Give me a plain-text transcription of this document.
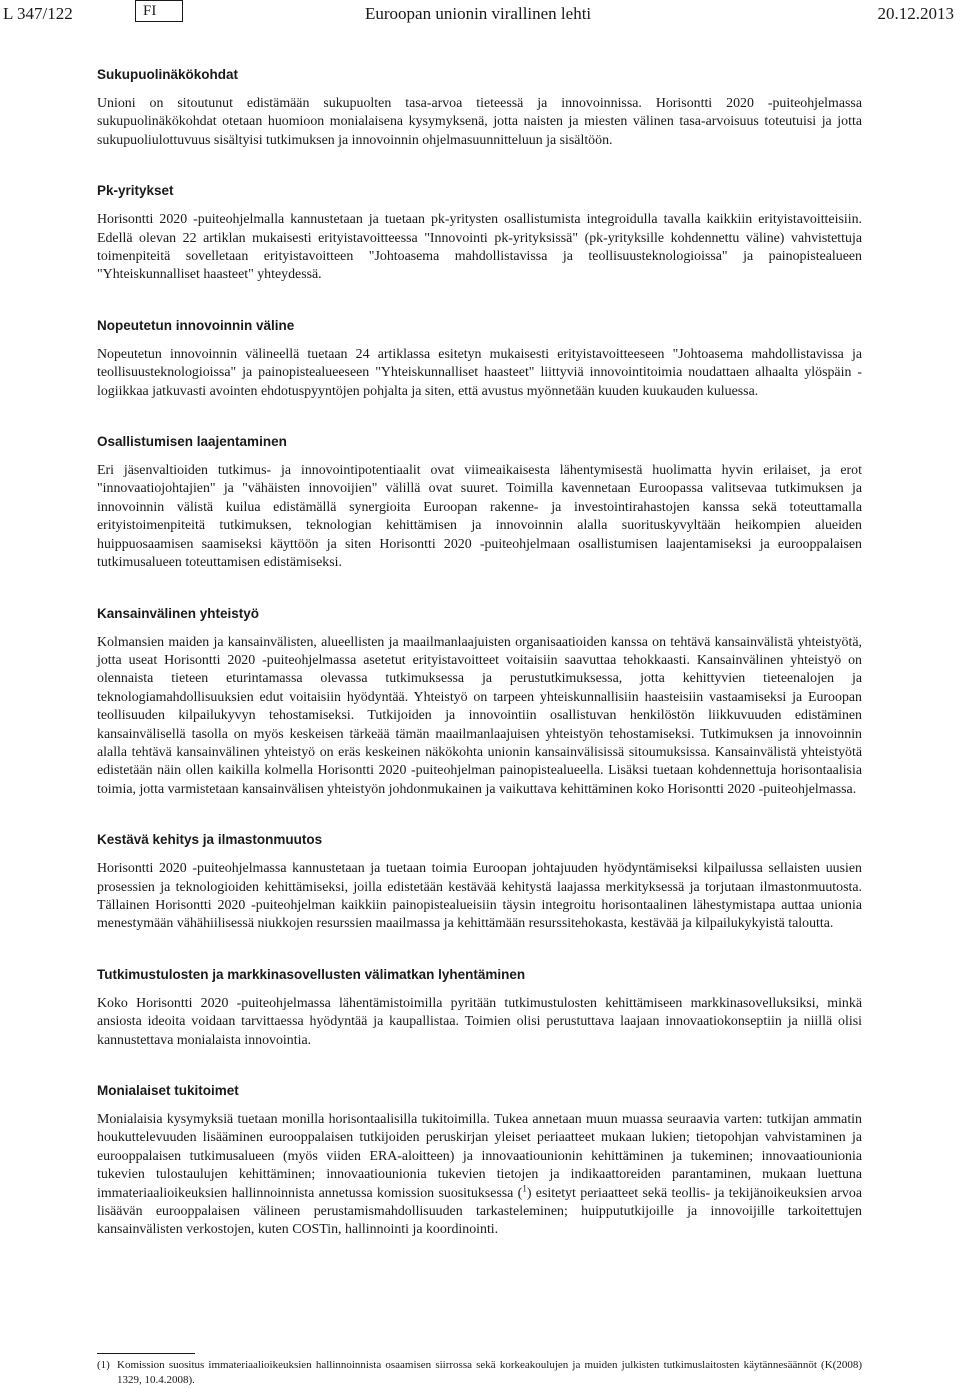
L 347/122	FI	Euroopan unionin virallinen lehti	20.12.2013
Sukupuolinäkökohdat

Unioni on sitoutunut edistämään sukupuolten tasa-arvoa tieteessä ja innovoinnissa. Horisontti 2020 -puiteohjelmassa sukupuolinäkökohdat otetaan huomioon monialaisena kysymyksenä, jotta naisten ja miesten välinen tasa-arvoisuus toteutuisi ja jotta sukupuoliulottuvuus sisältyisi tutkimuksen ja innovoinnin ohjelmasuunnitteluun ja sisältöön.

Pk-yritykset

Horisontti 2020 -puiteohjelmalla kannustetaan ja tuetaan pk-yritysten osallistumista integroidulla tavalla kaikkiin erityistavoitteisiin. Edellä olevan 22 artiklan mukaisesti erityistavoitteessa "Innovointi pk-yrityksissä" (pk-yrityksille kohdennettu väline) vahvistettuja toimenpiteitä sovelletaan erityistavoitteen "Johtoasema mahdollistavissa ja teollisuusteknologioissa" ja painopistealueen "Yhteiskunnalliset haasteet" yhteydessä.

Nopeutetun innovoinnin väline

Nopeutetun innovoinnin välineellä tuetaan 24 artiklassa esitetyn mukaisesti erityistavoitteeseen "Johtoasema mahdollistavissa ja teollisuusteknologioissa" ja painopistealueeseen "Yhteiskunnalliset haasteet" liittyviä innovointitoimia noudattaen alhaalta ylöspäin -logiikkaa jatkuvasti avointen ehdotuspyyntöjen pohjalta ja siten, että avustus myönnetään kuuden kuukauden kuluessa.

Osallistumisen laajentaminen

Eri jäsenvaltioiden tutkimus- ja innovointipotentiaalit ovat viimeaikaisesta lähentymisestä huolimatta hyvin erilaiset, ja erot "innovaatiojohtajien" ja "vähäisten innovoijien" välillä ovat suuret. Toimilla kavennetaan Euroopassa valitsevaa tutkimuksen ja innovoinnin välistä kuilua edistämällä synergioita Euroopan rakenne- ja investointirahastojen kanssa sekä toteuttamalla erityistoimenpiteitä tutkimuksen, teknologian kehittämisen ja innovoinnin alalla suorituskyvyltään heikompien alueiden huippuosaamisen saamiseksi käyttöön ja siten Horisontti 2020 -puiteohjelmaan osallistumisen laajentamiseksi ja eurooppalaisen tutkimusalueen toteuttamisen edistämiseksi.

Kansainvälinen yhteistyö

Kolmansien maiden ja kansainvälisten, alueellisten ja maailmanlaajuisten organisaatioiden kanssa on tehtävä kansainvälistä yhteistyötä, jotta useat Horisontti 2020 -puiteohjelmassa asetetut erityistavoitteet voitaisiin saavuttaa tehokkaasti. Kansainvälinen yhteistyö on olennaista tieteen eturintamassa olevassa tutkimuksessa ja perustutkimuksessa, jotta kehittyvien tieteenalojen ja teknologiamahdollisuuksien edut voitaisiin hyödyntää. Yhteistyö on tarpeen yhteiskunnallisiin haasteisiin vastaamiseksi ja Euroopan teollisuuden kilpailukyvyn tehostamiseksi. Tutkijoiden ja innovointiin osallistuvan henkilöstön liikkuvuuden edistäminen kansainvälisellä tasolla on myös keskeisen tärkeää tämän maailmanlaajuisen yhteistyön tehostamiseksi. Tutkimuksen ja innovoinnin alalla tehtävä kansainvälinen yhteistyö on eräs keskeinen näkökohta unionin kansainvälisissä sitoumuksissa. Kansainvälistä yhteistyötä edistetään näin ollen kaikilla kolmella Horisontti 2020 -puiteohjelman painopistealueella. Lisäksi tuetaan kohdennettuja horisontaalisia toimia, jotta varmistetaan kansainvälisen yhteistyön johdonmukainen ja vaikuttava kehittäminen koko Horisontti 2020 -puiteohjelmassa.

Kestävä kehitys ja ilmastonmuutos

Horisontti 2020 -puiteohjelmassa kannustetaan ja tuetaan toimia Euroopan johtajuuden hyödyntämiseksi kilpailussa sellaisten uusien prosessien ja teknologioiden kehittämiseksi, joilla edistetään kestävää kehitystä laajassa merkityksessä ja torjutaan ilmastonmuutosta. Tällainen Horisontti 2020 -puiteohjelman kaikkiin painopistealueisiin täysin integroitu horisontaalinen lähestymistapa auttaa unionia menestymään vähähiilisessä niukkojen resurssien maailmassa ja kehittämään resurssitehokasta, kestävää ja kilpailukykyistä taloutta.

Tutkimustulosten ja markkinasovellusten välimatkan lyhentäminen

Koko Horisontti 2020 -puiteohjelmassa lähentämistoimilla pyritään tutkimustulosten kehittämiseen markkinasovelluksiksi, minkä ansiosta ideoita voidaan tarvittaessa hyödyntää ja kaupallistaa. Toimien olisi perustuttava laajaan innovaatiokonseptiin ja niillä olisi kannustettava monialaista innovointia.

Monialaiset tukitoimet

Monialaisia kysymyksiä tuetaan monilla horisontaalisilla tukitoimilla. Tukea annetaan muun muassa seuraavia varten: tutkijan ammatin houkuttelevuuden lisääminen eurooppalaisen tutkijoiden peruskirjan yleiset periaatteet mukaan lukien; tietopohjan vahvistaminen ja eurooppalaisen tutkimusalueen (myös viiden ERA-aloitteen) ja innovaatiounionin kehittäminen ja tukeminen; innovaatiounionia tukevien tulostaulujen kehittäminen; innovaatiounionia tukevien tietojen ja indikaattoreiden parantaminen, mukaan luettuna immateriaalioikeuksien hallinnoinnista annetussa komission suosituksessa ($^1$) esitetyt periaatteet sekä teollis- ja tekijänoikeuksien arvoa lisäävän eurooppalaisen välineen perustamismahdollisuuden tarkasteleminen; huippututkijoille ja innovoijille tarkoitettujen kansainvälisten verkostojen, kuten COSTin, hallinnointi ja koordinointi.

(1) Komission suositus immateriaalioikeuksien hallinnoinnista osaamisen siirrossa sekä korkeakoulujen ja muiden julkisten tutkimuslaitosten käytännesäännöt (K(2008) 1329, 10.4.2008).
